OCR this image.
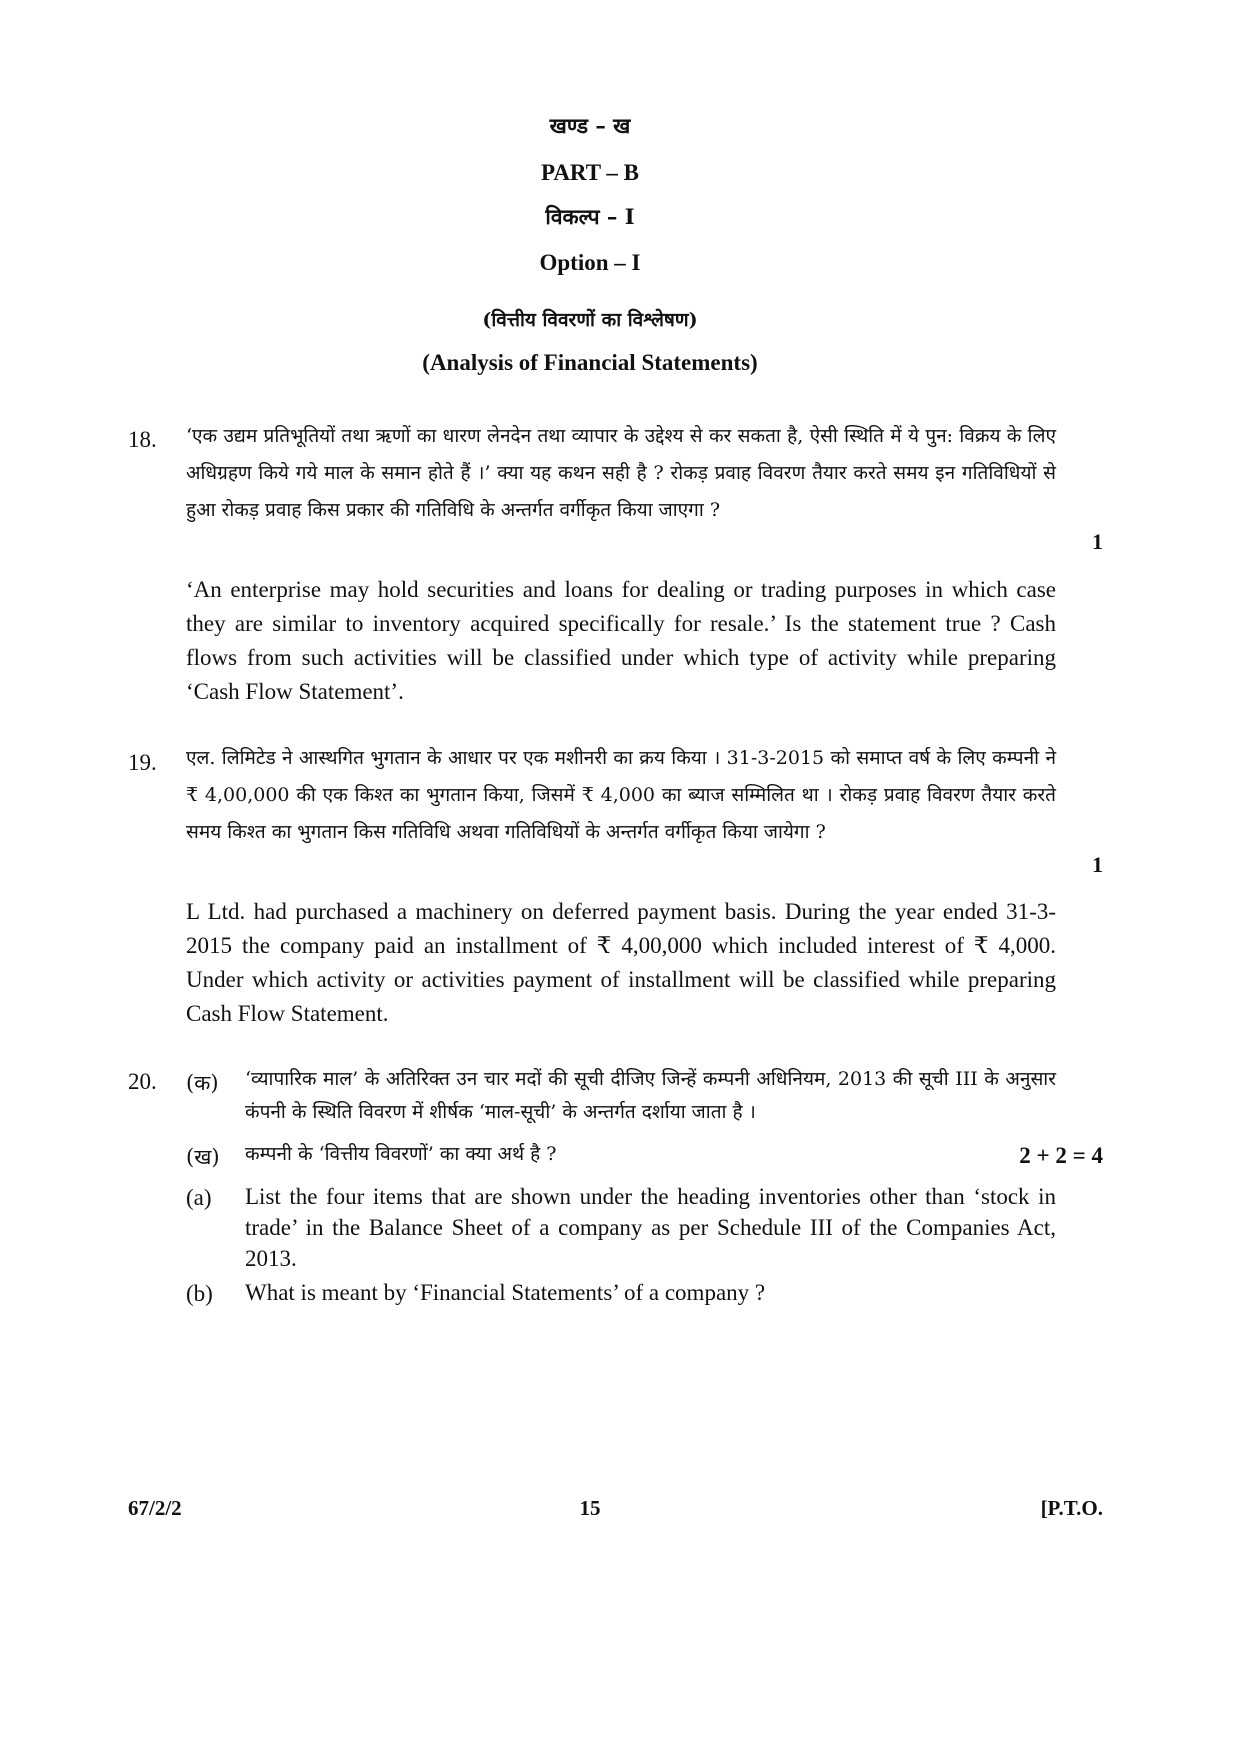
खण्ड – ख
PART – B
विकल्प – I
Option – I
(वित्तीय विवरणों का विश्लेषण)
(Analysis of Financial Statements)
18. ‘एक उद्यम प्रतिभूतियों तथा ऋणों का धारण लेनदेन तथा व्यापार के उद्देश्य से कर सकता है, ऐसी स्थिति में ये पुन: विक्रय के लिए अधिग्रहण किये गये माल के समान होते हैं ।’ क्या यह कथन सही है ? रोकड़ प्रवाह विवरण तैयार करते समय इन गतिविधियों से हुआ रोकड़ प्रवाह किस प्रकार की गतिविधि के अन्तर्गत वर्गीकृत किया जाएगा ?
1
‘An enterprise may hold securities and loans for dealing or trading purposes in which case they are similar to inventory acquired specifically for resale.’ Is the statement true ? Cash flows from such activities will be classified under which type of activity while preparing ‘Cash Flow Statement’.
19. एल. लिमिटेड ने आस्थगित भुगतान के आधार पर एक मशीनरी का क्रय किया । 31-3-2015 को समाप्त वर्ष के लिए कम्पनी ने ₹ 4,00,000 की एक किश्त का भुगतान किया, जिसमें ₹ 4,000 का ब्याज सम्मिलित था । रोकड़ प्रवाह विवरण तैयार करते समय किश्त का भुगतान किस गतिविधि अथवा गतिविधियों के अन्तर्गत वर्गीकृत किया जायेगा ?
1
L Ltd. had purchased a machinery on deferred payment basis. During the year ended 31-3-2015 the company paid an installment of ₹ 4,00,000 which included interest of ₹ 4,000. Under which activity or activities payment of installment will be classified while preparing Cash Flow Statement.
20. (क) ‘व्यापारिक माल’ के अतिरिक्त उन चार मदों की सूची दीजिए जिन्हें कम्पनी अधिनियम, 2013 की सूची III के अनुसार कंपनी के स्थिति विवरण में शीर्षक ‘माल-सूची’ के अन्तर्गत दर्शाया जाता है ।
(ख) कम्पनी के ‘वित्तीय विवरणों’ का क्या अर्थ है ?	2 + 2 = 4
(a) List the four items that are shown under the heading inventories other than ‘stock in trade’ in the Balance Sheet of a company as per Schedule III of the Companies Act, 2013.
(b) What is meant by ‘Financial Statements’ of a company ?
67/2/2	15	[P.T.O.
